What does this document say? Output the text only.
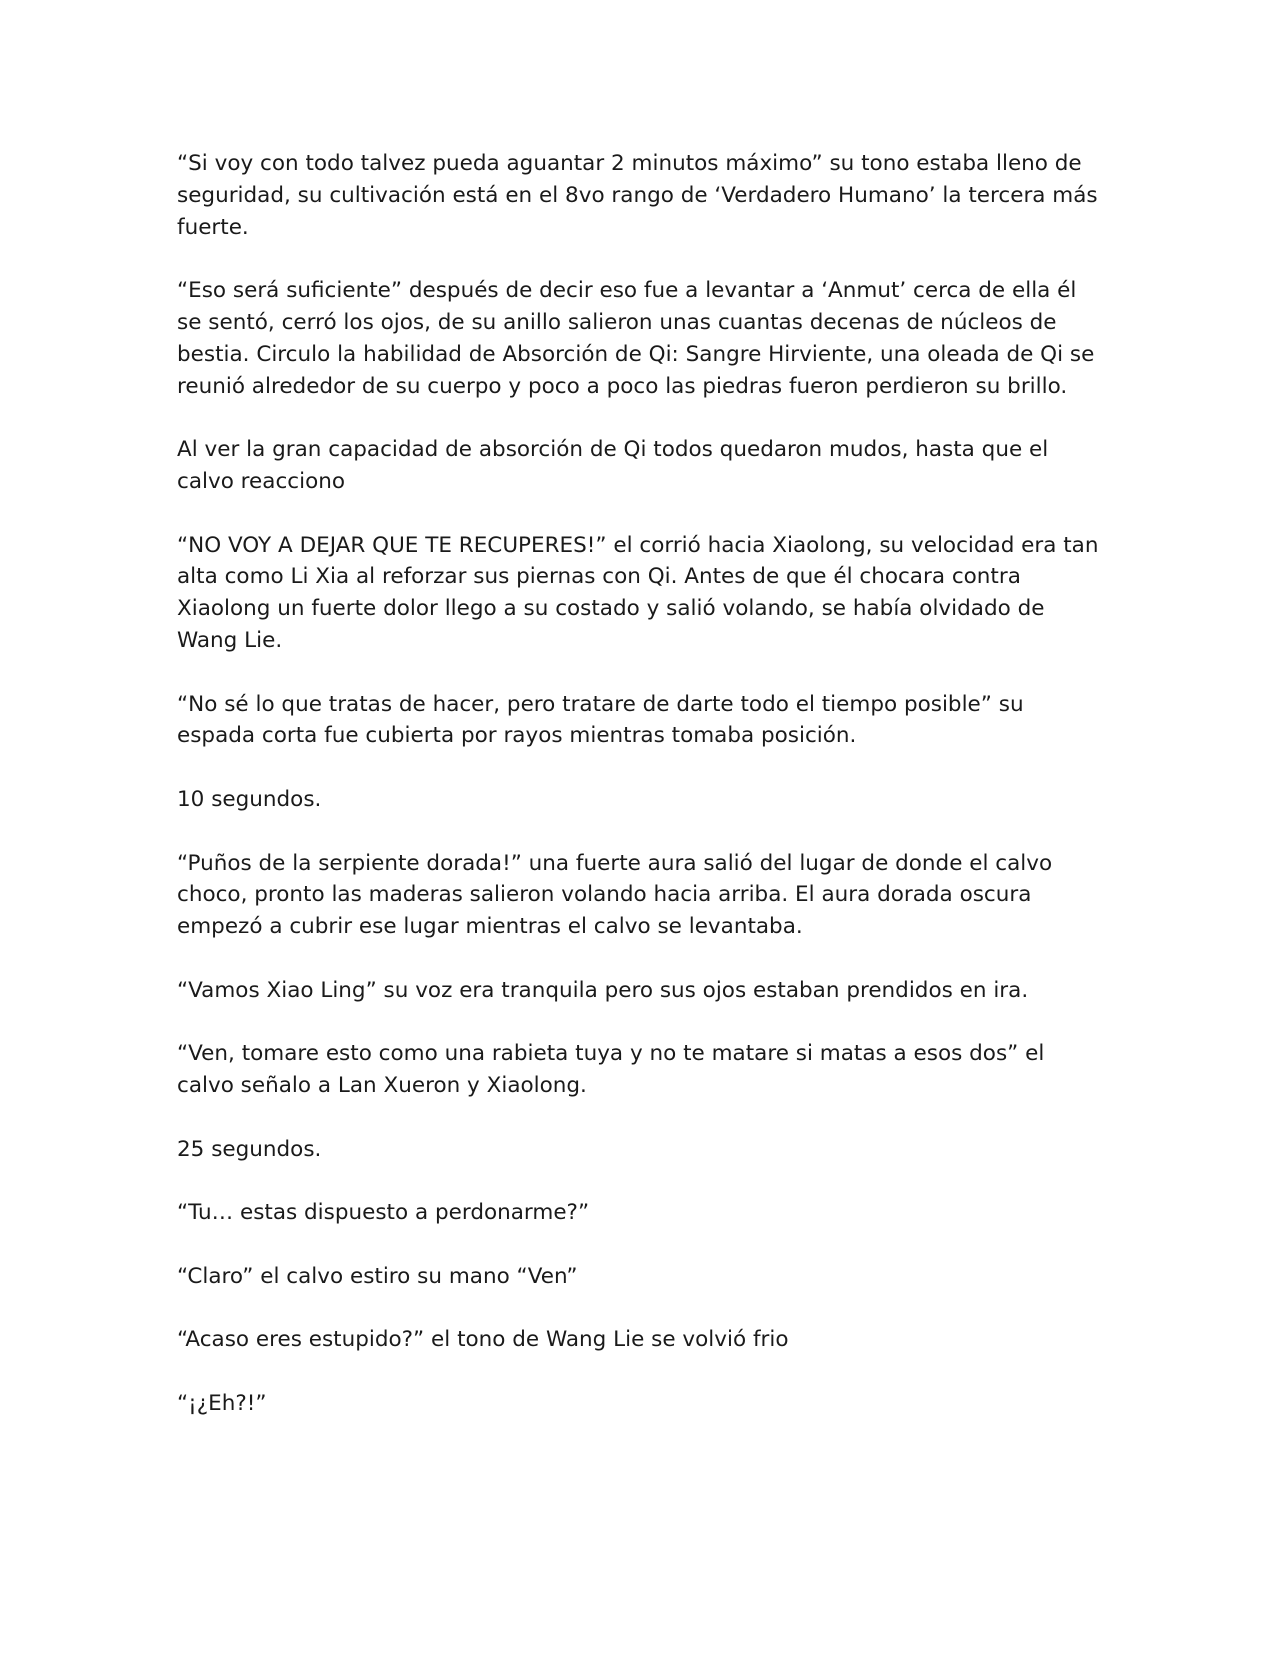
“Si voy con todo talvez pueda aguantar 2 minutos máximo” su tono estaba lleno de seguridad, su cultivación está en el 8vo rango de ‘Verdadero Humano’ la tercera más fuerte.

“Eso será suficiente” después de decir eso fue a levantar a ‘Anmut’ cerca de ella él se sentó, cerró los ojos, de su anillo salieron unas cuantas decenas de núcleos de bestia. Circulo la habilidad de Absorción de Qi: Sangre Hirviente, una oleada de Qi se reunió alrededor de su cuerpo y poco a poco las piedras fueron perdieron su brillo.

Al ver la gran capacidad de absorción de Qi todos quedaron mudos, hasta que el calvo reacciono

“NO VOY A DEJAR QUE TE RECUPERES!” el corrió hacia Xiaolong, su velocidad era tan alta como Li Xia al reforzar sus piernas con Qi. Antes de que él chocara contra Xiaolong un fuerte dolor llego a su costado y salió volando, se había olvidado de Wang Lie.

“No sé lo que tratas de hacer, pero tratare de darte todo el tiempo posible” su espada corta fue cubierta por rayos mientras tomaba posición.

10 segundos.

“Puños de la serpiente dorada!” una fuerte aura salió del lugar de donde el calvo choco, pronto las maderas salieron volando hacia arriba. El aura dorada oscura empezó a cubrir ese lugar mientras el calvo se levantaba.

“Vamos Xiao Ling” su voz era tranquila pero sus ojos estaban prendidos en ira.

“Ven, tomare esto como una rabieta tuya y no te matare si matas a esos dos” el calvo señalo a Lan Xueron y Xiaolong.

25 segundos.

“Tu… estas dispuesto a perdonarme?”

“Claro” el calvo estiro su mano “Ven”

“Acaso eres estupido?” el tono de Wang Lie se volvió frio

“¡¿Eh?!”
